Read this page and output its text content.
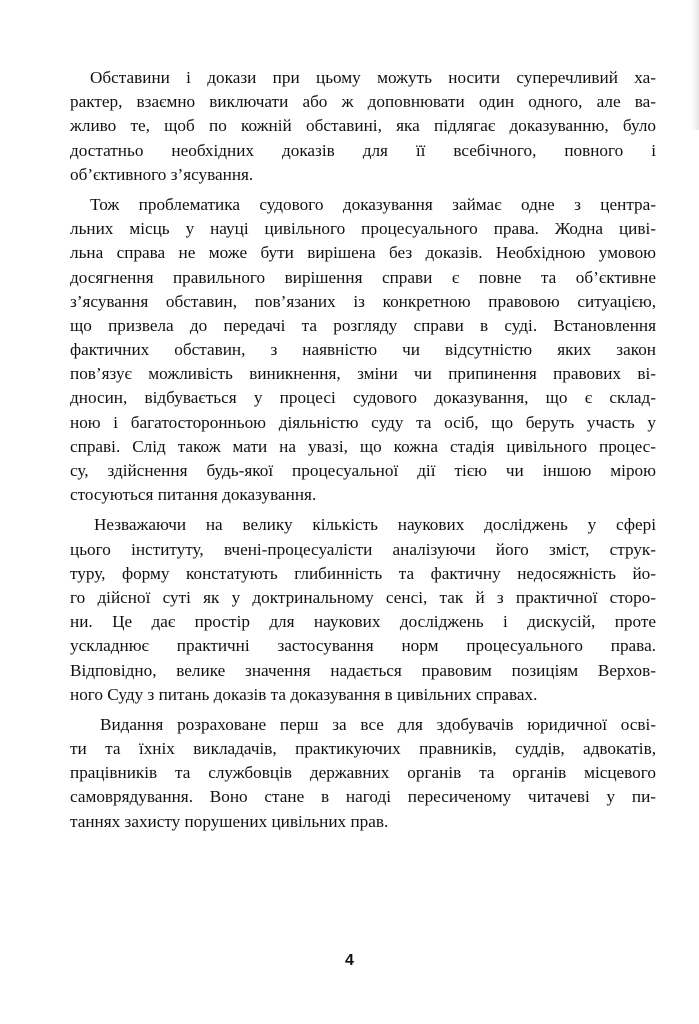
Обставини і докази при цьому можуть носити суперечливий ха-
рактер, взаємно виключати або ж доповнювати один одного, але ва-
жливо те, щоб по кожній обставині, яка підлягає доказуванню, було
достатньо необхідних доказів для її всебічного, повного і
об’єктивного з’ясування.

Тож проблематика судового доказування займає одне з центра-
льних місць у науці цивільного процесуального права. Жодна циві-
льна справа не може бути вирішена без доказів. Необхідною умовою
досягнення правильного вирішення справи є повне та об’єктивне
з’ясування обставин, пов’язаних із конкретною правовою ситуацією,
що призвела до передачі та розгляду справи в суді. Встановлення
фактичних обставин, з наявністю чи відсутністю яких закон
пов’язує можливість виникнення, зміни чи припинення правових ві-
дносин, відбувається у процесі судового доказування, що є склад-
ною і багатосторонньою діяльністю суду та осіб, що беруть участь у
справі. Слід також мати на увазі, що кожна стадія цивільного процес-
су, здійснення будь-якої процесуальної дії тією чи іншою мірою
стосуються питання доказування.

Незважаючи на велику кількість наукових досліджень у сфері
цього інституту, вчені-процесуалісти аналізуючи його зміст, струк-
туру, форму констатують глибинність та фактичну недосяжність йо-
го дійсної суті як у доктринальному сенсі, так й з практичної сторо-
ни. Це дає простір для наукових досліджень і дискусій, проте
ускладнює практичні застосування норм процесуального права.
Відповідно, велике значення надається правовим позиціям Верхов-
ного Суду з питань доказів та доказування в цивільних справах.

Видання розраховане перш за все для здобувачів юридичної осві-
ти та їхніх викладачів, практикуючих правників, суддів, адвокатів,
працівників та службовців державних органів та органів місцевого
самоврядування. Воно стане в нагоді пересиченому читачеві у пи-
таннях захисту порушених цивільних прав.

4
